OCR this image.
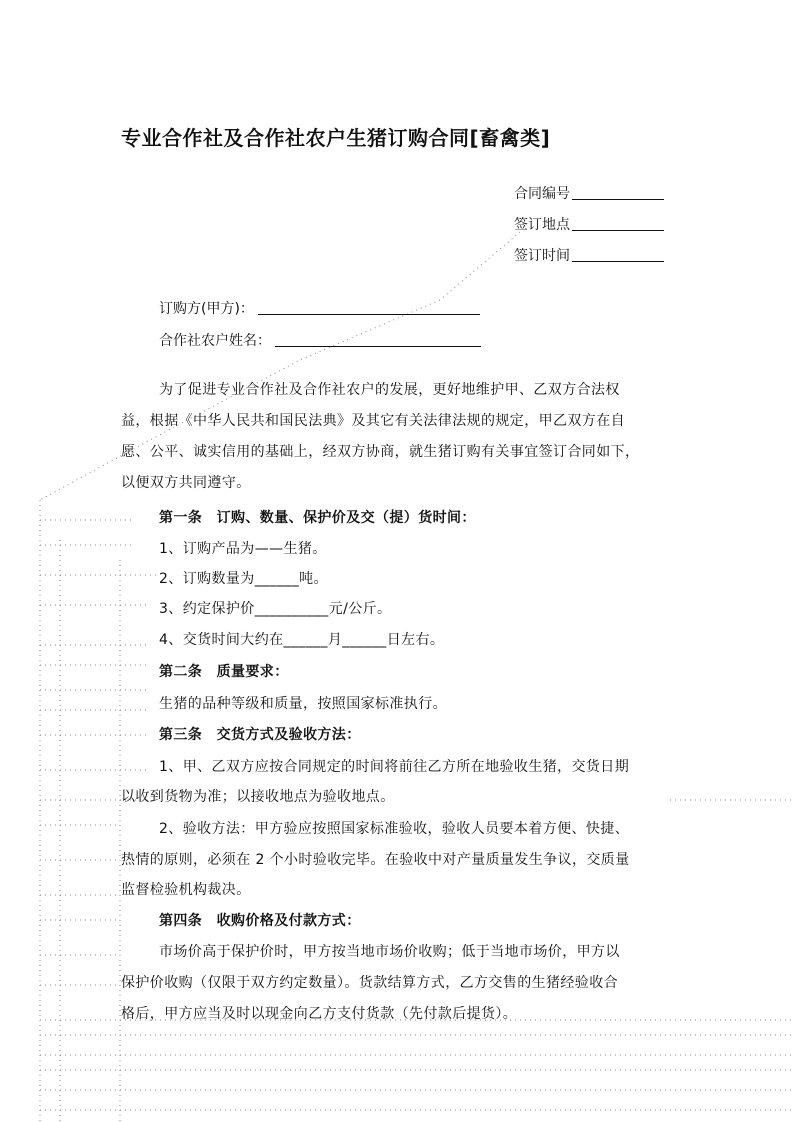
专业合作社及合作社农户生猪订购合同[畜禽类]
合同编号
签订地点
签订时间
订购方(甲方)：
合作社农户姓名：
为了促进专业合作社及合作社农户的发展，更好地维护甲、乙双方合法权
益，根据《中华人民共和国民法典》及其它有关法律法规的规定，甲乙双方在自
愿、公平、诚实信用的基础上，经双方协商，就生猪订购有关事宜签订合同如下，
以便双方共同遵守。
第一条　订购、数量、保护价及交（提）货时间：
1、订购产品为——生猪。
2、订购数量为______吨。
3、约定保护价__________元/公斤。
4、交货时间大约在______月______日左右。
第二条　质量要求：
生猪的品种等级和质量，按照国家标准执行。
第三条　交货方式及验收方法：
1、甲、乙双方应按合同规定的时间将前往乙方所在地验收生猪，交货日期
以收到货物为准；以接收地点为验收地点。
2、验收方法：甲方验应按照国家标准验收，验收人员要本着方便、快捷、
热情的原则，必须在 2 个小时验收完毕。在验收中对产量质量发生争议，交质量
监督检验机构裁决。
第四条　收购价格及付款方式：
市场价高于保护价时，甲方按当地市场价收购；低于当地市场价，甲方以
保护价收购（仅限于双方约定数量）。货款结算方式，乙方交售的生猪经验收合
格后，甲方应当及时以现金向乙方支付货款（先付款后提货）。
